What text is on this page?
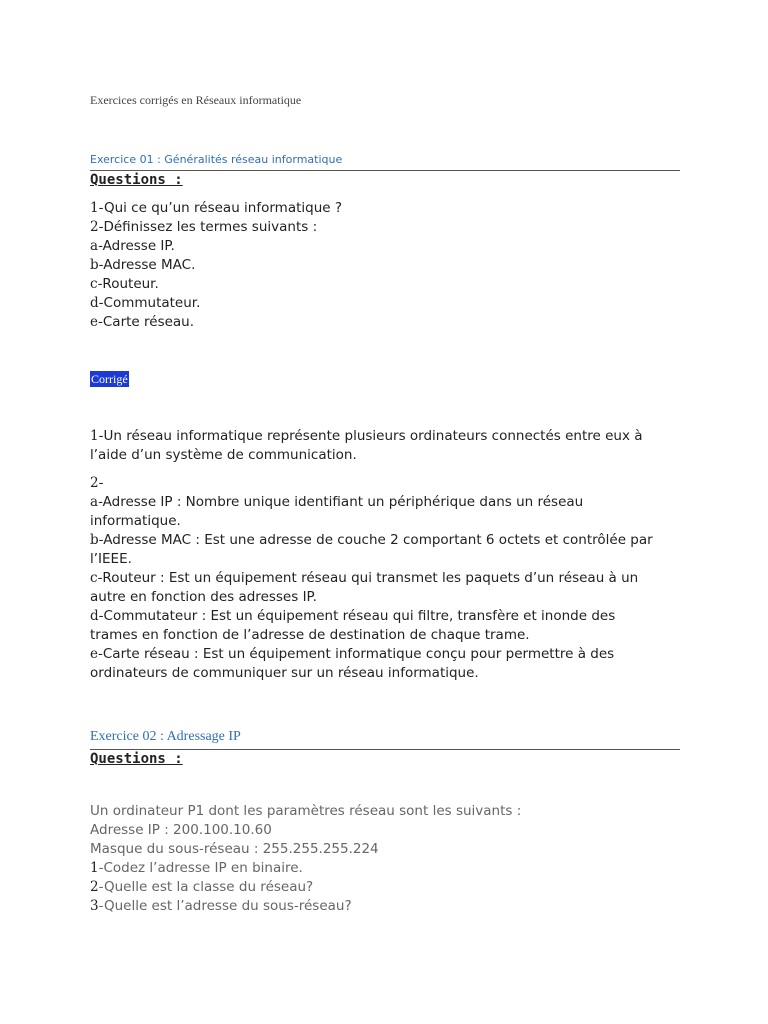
Exercices corrigés en Réseaux informatique
Exercice 01 : Généralités réseau informatique
Questions :
1-Qui ce qu’un réseau informatique ?
2-Définissez les termes suivants :
a-Adresse IP.
b-Adresse MAC.
c-Routeur.
d-Commutateur.
e-Carte réseau.
Corrigé
1-Un réseau informatique représente plusieurs ordinateurs connectés entre eux à l’aide d’un système de communication.
2-
a-Adresse IP : Nombre unique identifiant un périphérique dans un réseau informatique.
b-Adresse MAC : Est une adresse de couche 2 comportant 6 octets et contrôlée par l’IEEE.
c-Routeur : Est un équipement réseau qui transmet les paquets d’un réseau à un autre en fonction des adresses IP.
d-Commutateur : Est un équipement réseau qui filtre, transfère et inonde des trames en fonction de l’adresse de destination de chaque trame.
e-Carte réseau : Est un équipement informatique conçu pour permettre à des ordinateurs de communiquer sur un réseau informatique.
Exercice 02 : Adressage IP
Questions :
Un ordinateur P1 dont les paramètres réseau sont les suivants :
Adresse IP : 200.100.10.60
Masque du sous-réseau : 255.255.255.224
1-Codez l’adresse IP en binaire.
2-Quelle est la classe du réseau?
3-Quelle est l’adresse du sous-réseau?
